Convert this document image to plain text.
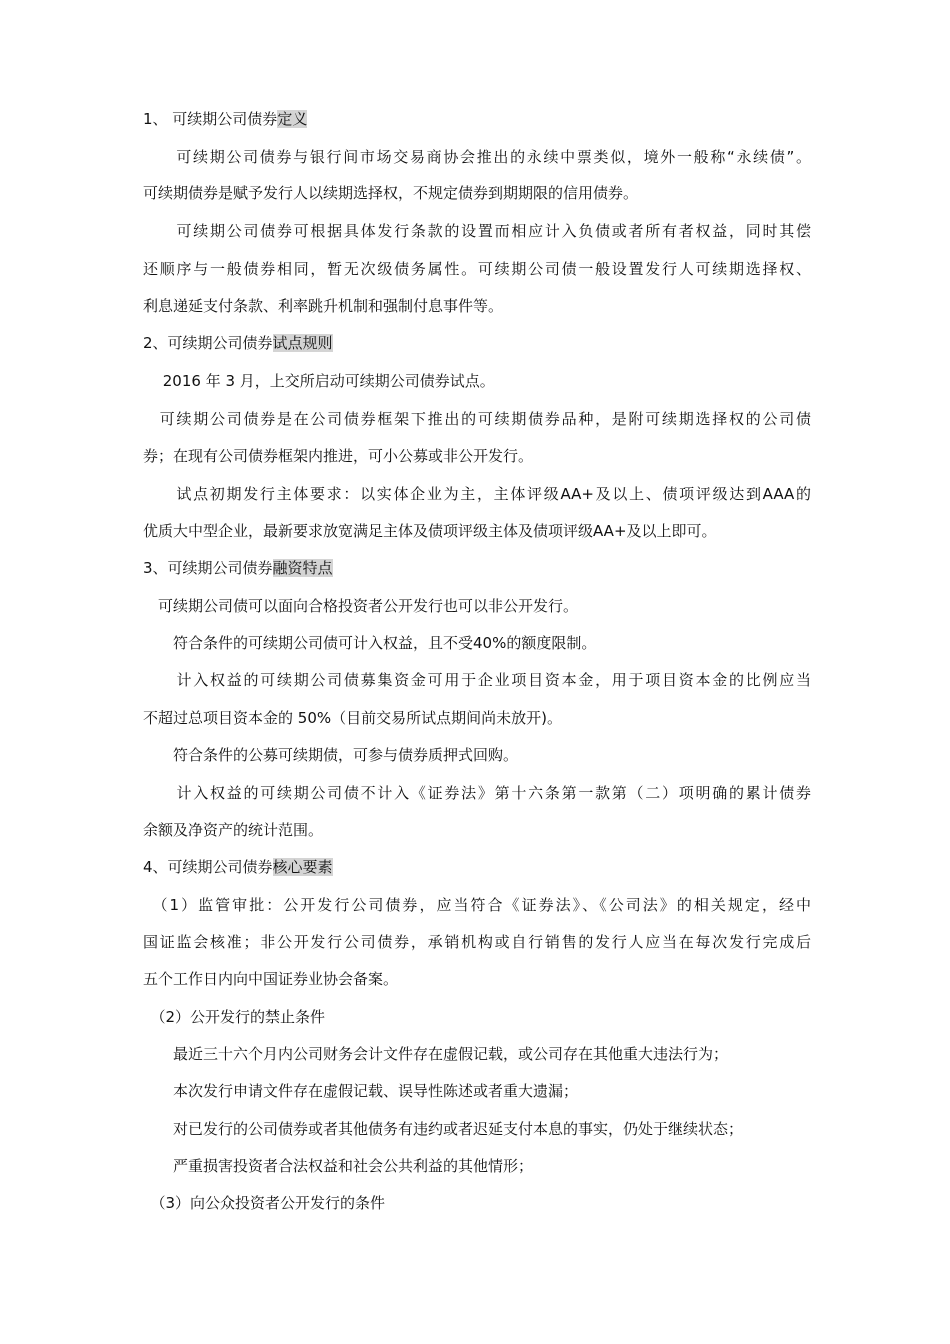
1、 可续期公司债券定义
　　可续期公司债券与银行间市场交易商协会推出的永续中票类似，境外一般称“永续债”。
可续期债券是赋予发行人以续期选择权，不规定债券到期期限的信用债券。
　　可续期公司债券可根据具体发行条款的设置而相应计入负债或者所有者权益，同时其偿
还顺序与一般债券相同，暂无次级债务属性。可续期公司债一般设置发行人可续期选择权、
利息递延支付条款、利率跳升机制和强制付息事件等。
2、可续期公司债券试点规则
　 2016 年 3 月，上交所启动可续期公司债券试点。
　可续期公司债券是在公司债券框架下推出的可续期债券品种，是附可续期选择权的公司债
券；在现有公司债券框架内推进，可小公募或非公开发行。
　　试点初期发行主体要求：以实体企业为主，主体评级AA+及以上、债项评级达到AAA的
优质大中型企业，最新要求放宽满足主体及债项评级主体及债项评级AA+及以上即可。
3、可续期公司债券融资特点
　可续期公司债可以面向合格投资者公开发行也可以非公开发行。
　　符合条件的可续期公司债可计入权益，且不受40%的额度限制。
　　计入权益的可续期公司债募集资金可用于企业项目资本金，用于项目资本金的比例应当
不超过总项目资本金的 50%（目前交易所试点期间尚未放开)。
　　符合条件的公募可续期债，可参与债券质押式回购。
　　计入权益的可续期公司债不计入《证券法》第十六条第一款第（二）项明确的累计债券
余额及净资产的统计范围。
4、可续期公司债券核心要素
　（1）监管审批：公开发行公司债券，应当符合《证券法》、《公司法》的相关规定，经中
国证监会核准；非公开发行公司债券，承销机构或自行销售的发行人应当在每次发行完成后
五个工作日内向中国证券业协会备案。
　（2）公开发行的禁止条件
　　最近三十六个月内公司财务会计文件存在虚假记载，或公司存在其他重大违法行为；
　　本次发行申请文件存在虚假记载、误导性陈述或者重大遗漏；
　　对已发行的公司债券或者其他债务有违约或者迟延支付本息的事实，仍处于继续状态；
　　严重损害投资者合法权益和社会公共利益的其他情形；
　（3）向公众投资者公开发行的条件
